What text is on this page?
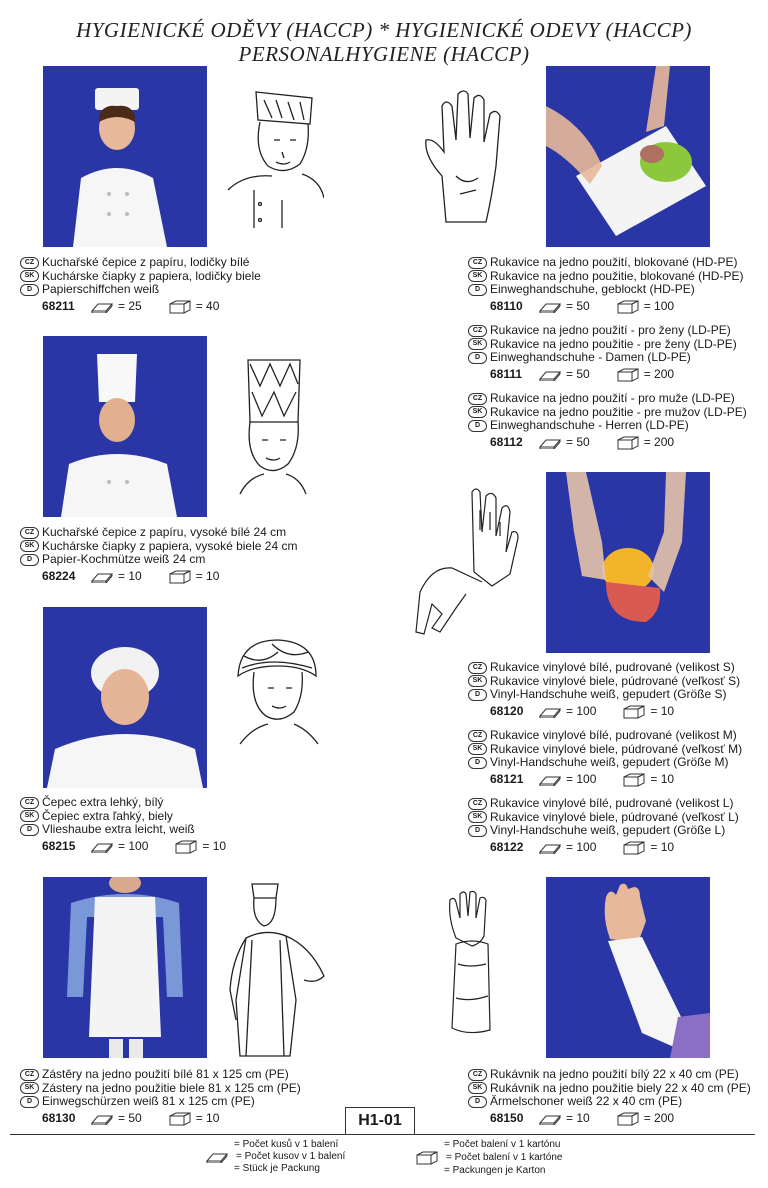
HYGIENICKÉ ODĚVY (HACCP) * HYGIENICKÉ ODEVY (HACCP)
PERSONALHYGIENE (HACCP)
CZ Kuchařské čepice z papíru, lodičky bílé
SK Kuchárske čiapky z papiera, lodičky biele
D Papierschiffchen weiß
68211	= 25	= 40
CZ Kuchařské čepice z papíru, vysoké bílé 24 cm
SK Kuchárske čiapky z papiera, vysoké biele 24 cm
D Papier-Kochmütze weiß 24 cm
68224	= 10	= 10
CZ Čepec extra lehký, bílý
SK Čepiec extra ľahký, biely
D Vlieshaube extra leicht, weiß
68215	= 100	= 10
CZ Zástěry na jedno použití bílé 81 x 125 cm (PE)
SK Zástery na jedno použitie biele 81 x 125 cm (PE)
D Einwegschürzen weiß 81 x 125 cm (PE)
68130	= 50	= 10
CZ Rukavice na jedno použití, blokované (HD-PE)
SK Rukavice na jedno použitie, blokované (HD-PE)
D Einweghandschuhe, geblockt (HD-PE)
68110	= 50	= 100
CZ Rukavice na jedno použití - pro ženy (LD-PE)
SK Rukavice na jedno použitie - pre ženy (LD-PE)
D Einweghandschuhe - Damen (LD-PE)
68111	= 50	= 200
CZ Rukavice na jedno použití - pro muže (LD-PE)
SK Rukavice na jedno použitie - pre mužov (LD-PE)
D Einweghandschuhe - Herren (LD-PE)
68112	= 50	= 200
CZ Rukavice vinylové bílé, pudrované (velikost S)
SK Rukavice vinylové biele, púdrované (veľkosť S)
D Vinyl-Handschuhe weiß, gepudert (Größe S)
68120	= 100	= 10
CZ Rukavice vinylové bílé, pudrované (velikost M)
SK Rukavice vinylové biele, púdrované (veľkosť M)
D Vinyl-Handschuhe weiß, gepudert (Größe M)
68121	= 100	= 10
CZ Rukavice vinylové bílé, pudrované (velikost L)
SK Rukavice vinylové biele, púdrované (veľkosť L)
D Vinyl-Handschuhe weiß, gepudert (Größe L)
68122	= 100	= 10
CZ Rukávnik na jedno použití bílý 22 x 40 cm (PE)
SK Rukávnik na jedno použitie biely 22 x 40 cm (PE)
D Ärmelschoner weiß 22 x 40 cm (PE)
68150	= 10	= 200
H1-01
= Počet kusů v 1 balení
= Počet kusov v 1 balení
= Stück je Packung
= Počet balení v 1 kartónu
= Počet balení v 1 kartóne
= Packungen je Karton
